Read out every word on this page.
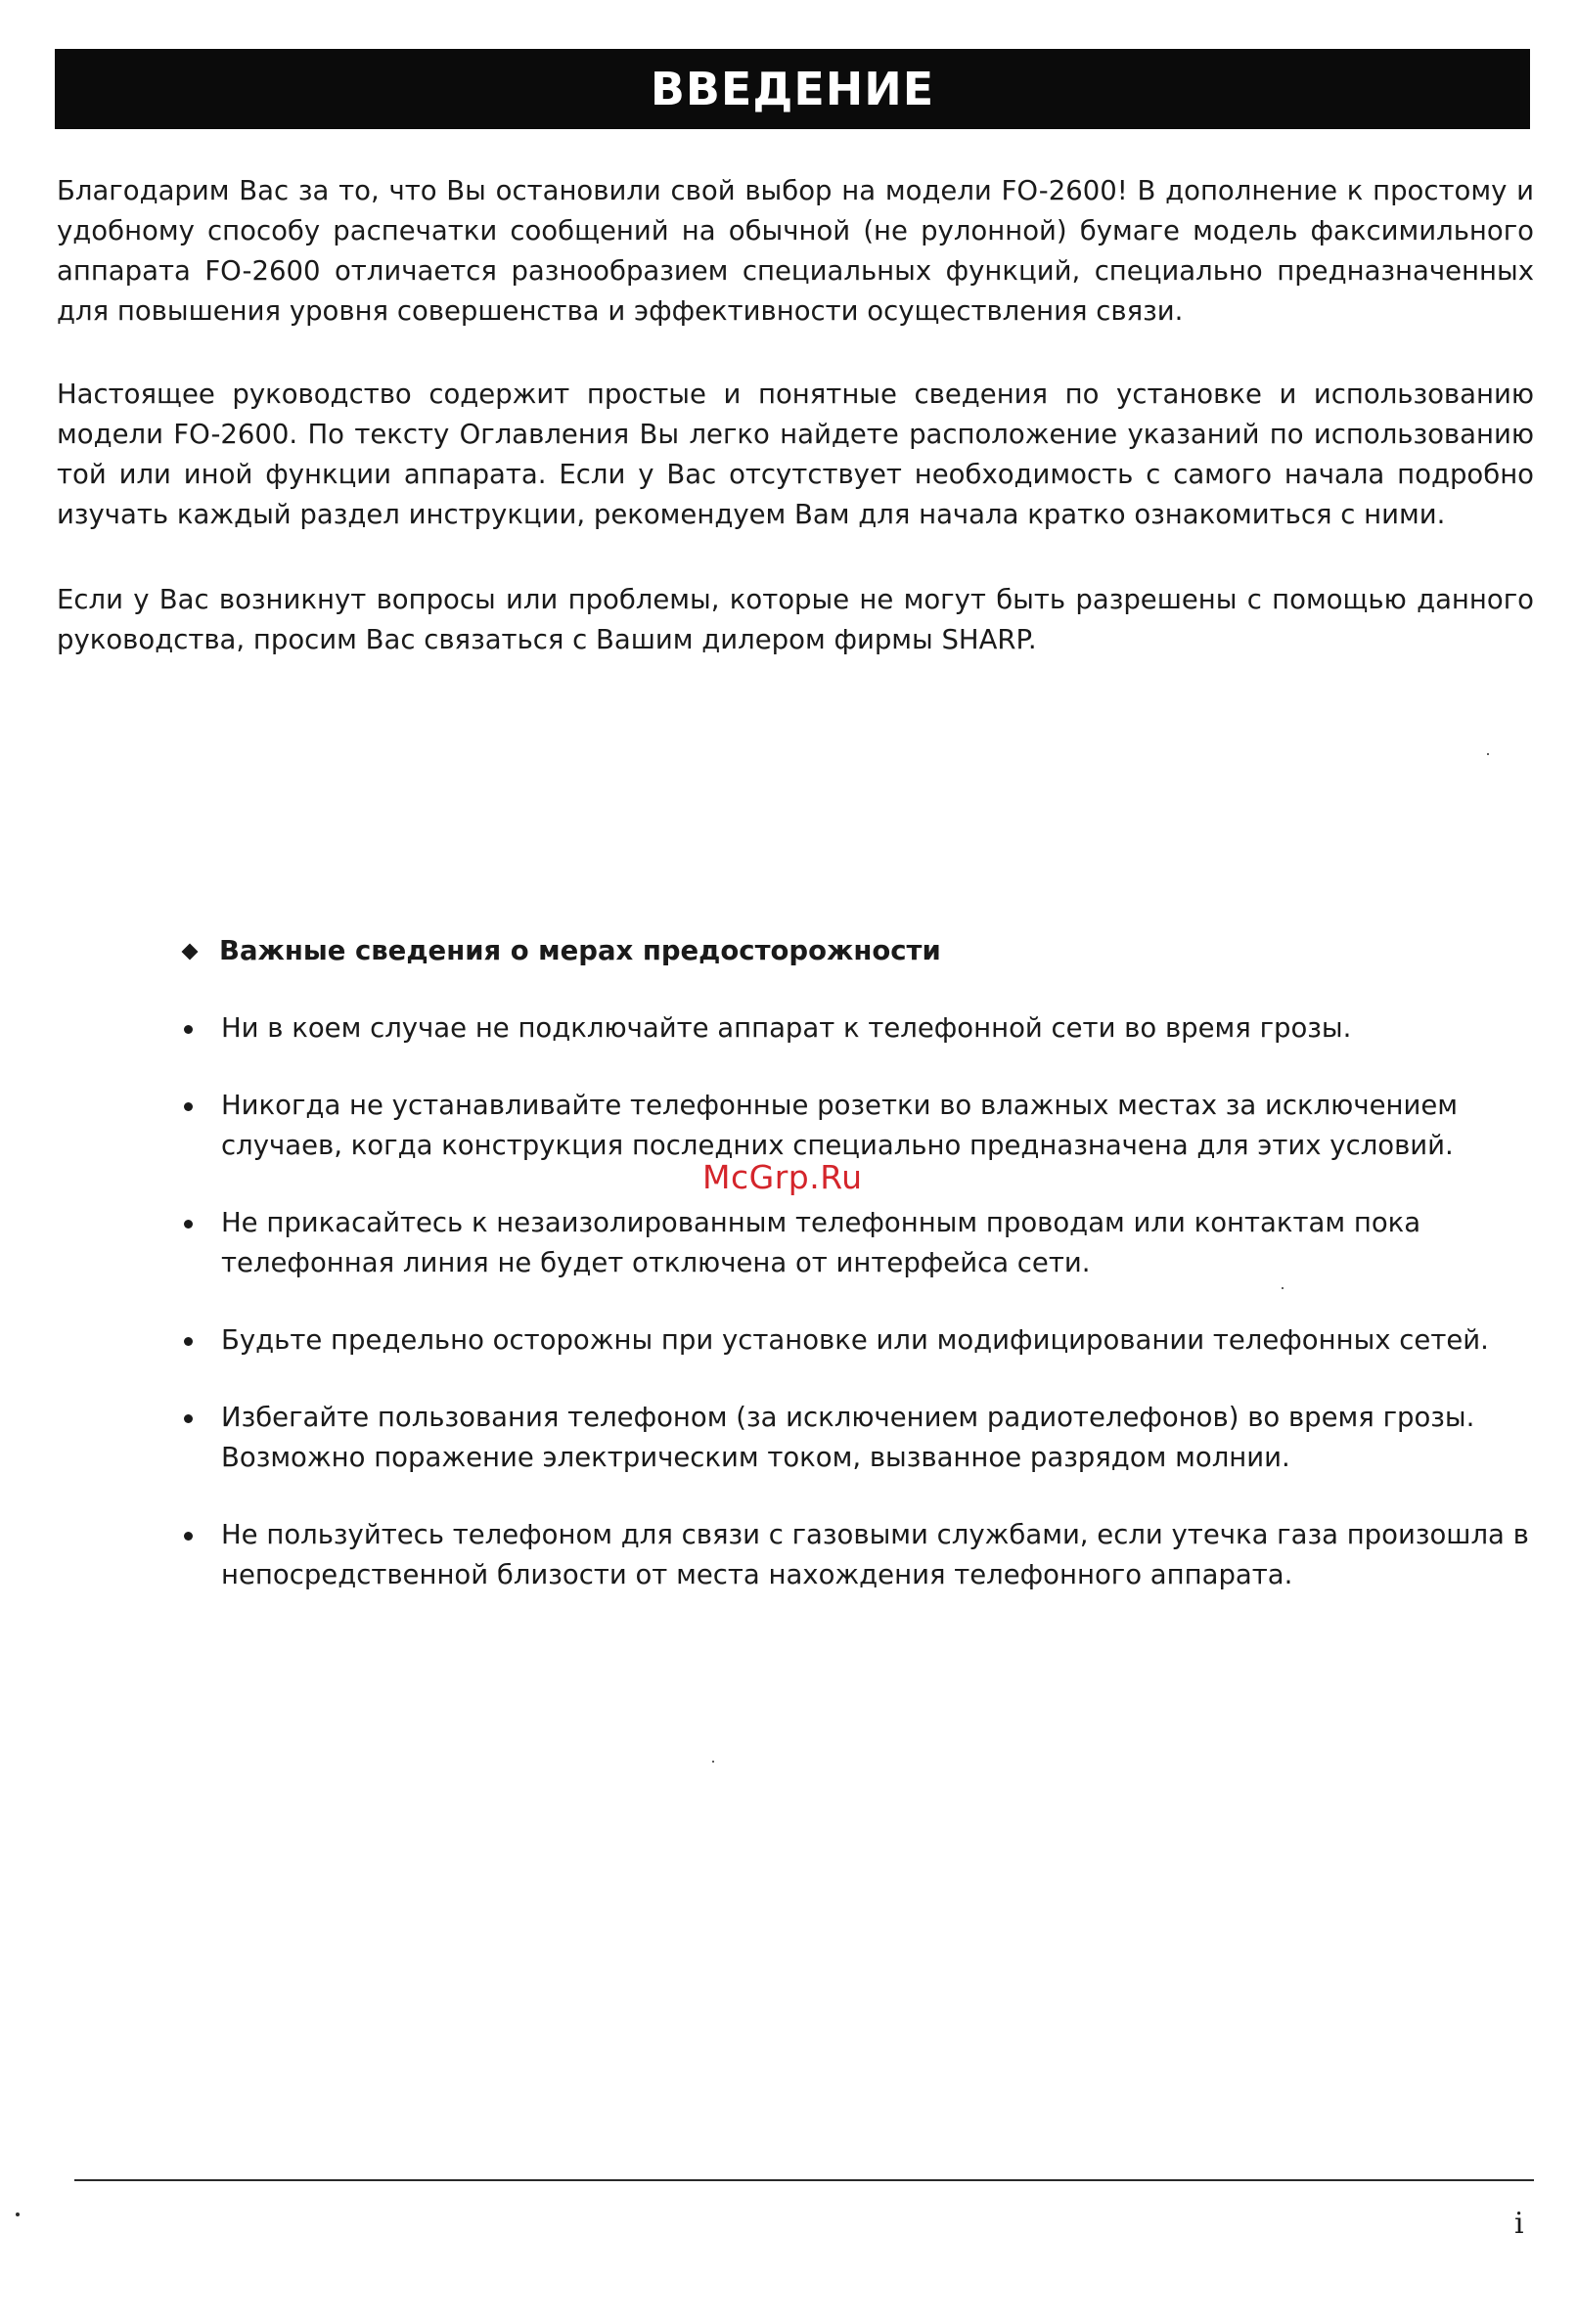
ВВЕДЕНИЕ

Благодарим Вас за то, что Вы остановили свой выбор на модели FO-2600! В дополнение к простому и удобному способу распечатки сообщений на обычной (не рулонной) бумаге модель факсимильного аппарата FO-2600 отличается разнообразием специальных функций, специально предназначенных для повышения уровня совершенства и эффективности осуществления связи.

Настоящее руководство содержит простые и понятные сведения по установке и использованию модели FO-2600. По тексту Оглавления Вы легко найдете расположение указаний по использованию той или иной функции аппарата. Если у Вас отсутствует необходимость с самого начала подробно изучать каждый раздел инструкции, рекомендуем Вам для начала кратко ознакомиться с ними.

Если у Вас возникнут вопросы или проблемы, которые не могут быть разрешены с помощью данного руководства, просим Вас связаться с Вашим дилером фирмы SHARP.

Важные сведения о мерах предосторожности
Ни в коем случае не подключайте аппарат к телефонной сети во время грозы.
Никогда не устанавливайте телефонные розетки во влажных местах за исключением случаев, когда конструкция последних специально предназначена для этих условий.
Не прикасайтесь к незаизолированным телефонным проводам или контактам пока телефонная линия не будет отключена от интерфейса сети.
Будьте предельно осторожны при установке или модифицировании телефонных сетей.
Избегайте пользования телефоном (за исключением радиотелефонов) во время грозы. Возможно поражение электрическим током, вызванное разрядом молнии.
Не пользуйтесь телефоном для связи с газовыми службами, если утечка газа произошла в непосредственной близости от места нахождения телефонного аппарата.
McGrp.Ru
i
